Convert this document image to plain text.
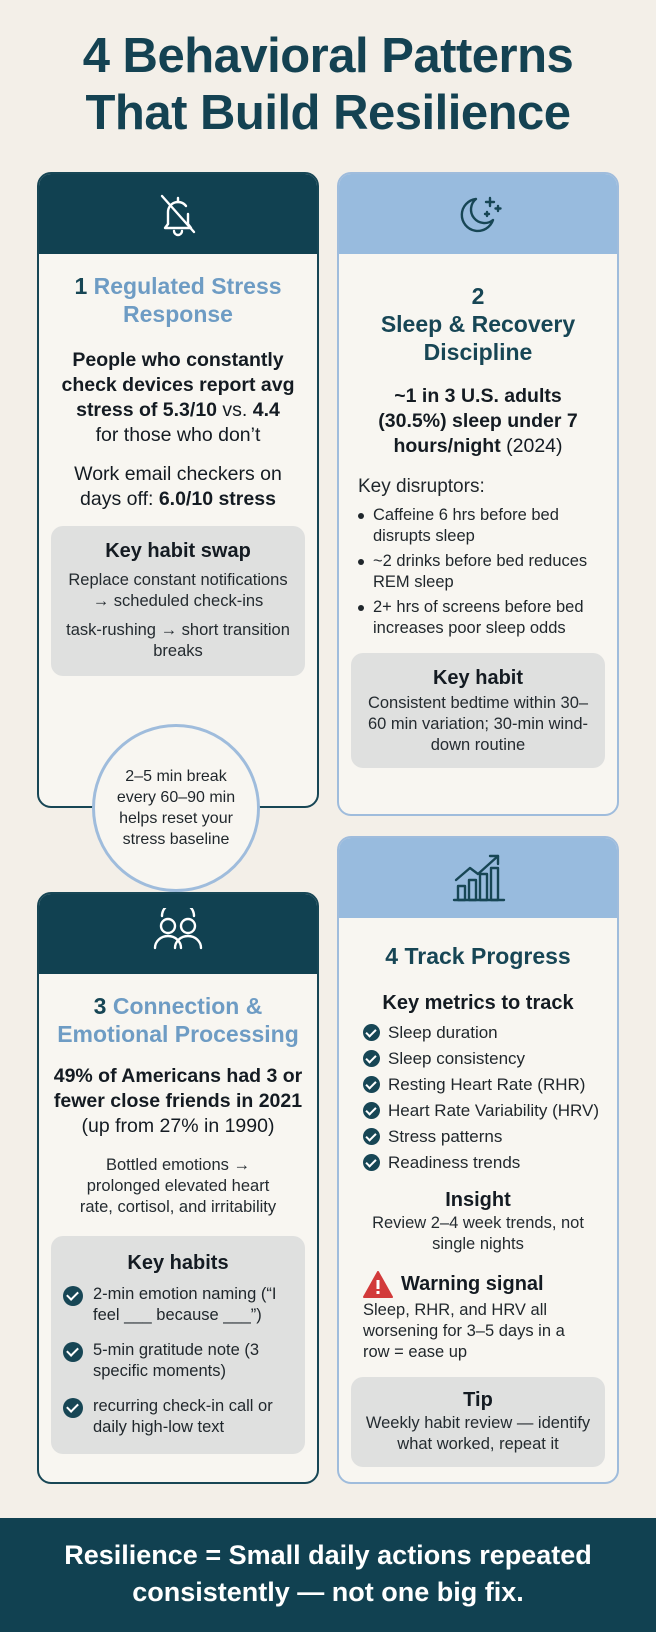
4 Behavioral Patterns
That Build Resilience
1 Regulated Stress Response
People who constantly check devices report avg stress of 5.3/10 vs. 4.4
for those who don’t
Work email checkers on days off: 6.0/10 stress
Key habit swap
Replace constant notifications → scheduled check-ins
task-rushing → short transition breaks
2–5 min break every 60–90 min helps reset your stress baseline
2
Sleep & Recovery Discipline
~1 in 3 U.S. adults (30.5%) sleep under 7 hours/night (2024)
Key disruptors:
Caffeine 6 hrs before bed disrupts sleep
~2 drinks before bed reduces REM sleep
2+ hrs of screens before bed increases poor sleep odds
Key habit
Consistent bedtime within 30–60 min variation; 30-min wind-down routine
3 Connection & Emotional Processing
49% of Americans had 3 or fewer close friends in 2021 (up from 27% in 1990)
Bottled emotions → prolonged elevated heart rate, cortisol, and irritability
Key habits
2-min emotion naming (“I feel ___ because ___”)
5-min gratitude note (3 specific moments)
recurring check-in call or daily high-low text
4 Track Progress
Key metrics to track
Sleep duration
Sleep consistency
Resting Heart Rate (RHR)
Heart Rate Variability (HRV)
Stress patterns
Readiness trends
Insight
Review 2–4 week trends, not single nights
Warning signal
Sleep, RHR, and HRV all worsening for 3–5 days in a row = ease up
Tip
Weekly habit review — identify what worked, repeat it
Resilience = Small daily actions repeated
consistently — not one big fix.
